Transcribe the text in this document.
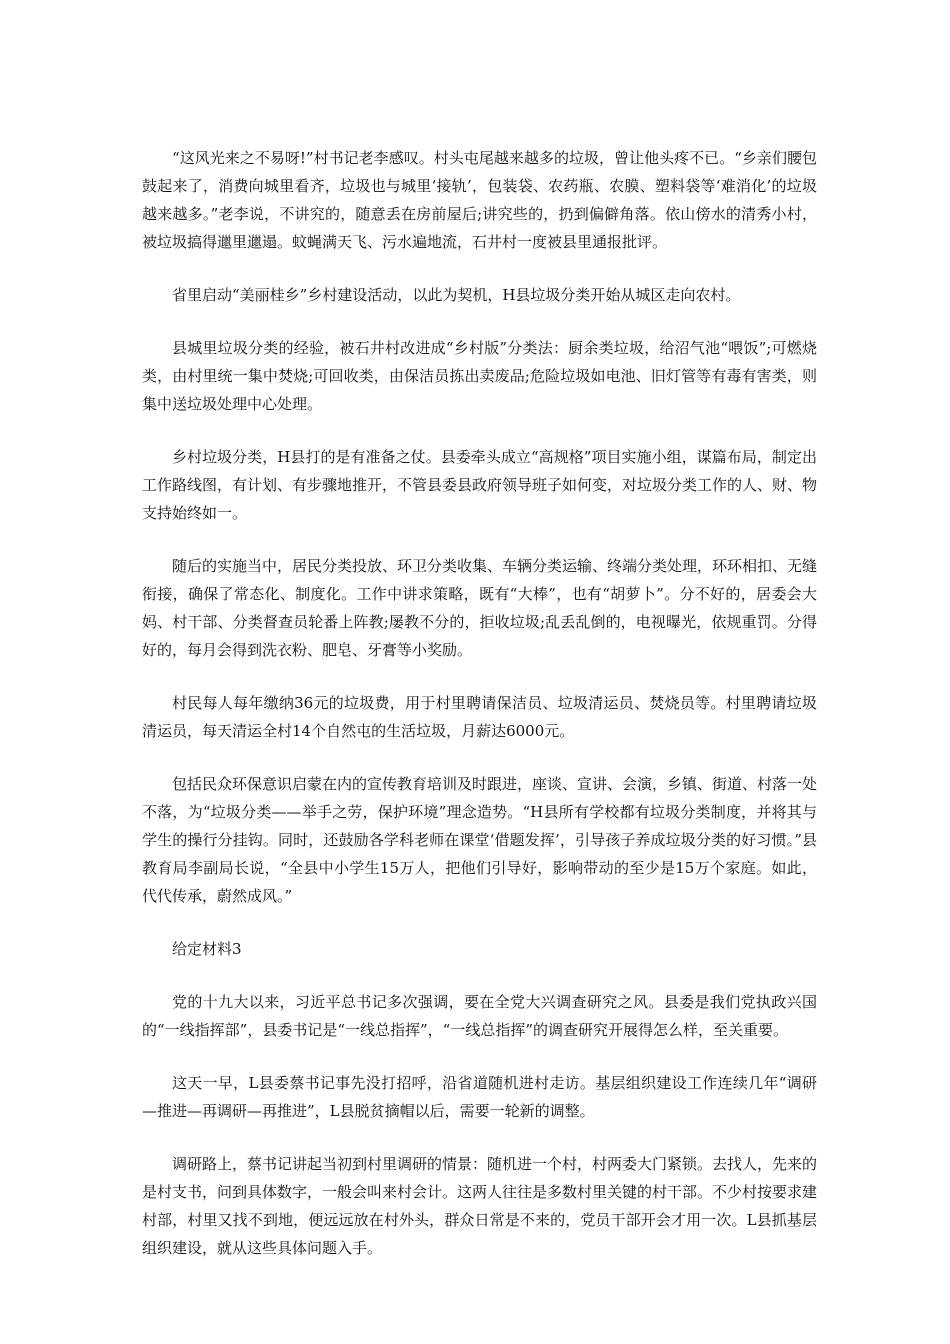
“这风光来之不易呀!”村书记老李感叹。村头屯尾越来越多的垃圾，曾让他头疼不已。“乡亲们腰包鼓起来了，消费向城里看齐，垃圾也与城里‘接轨’，包装袋、农药瓶、农膜、塑料袋等‘难消化’的垃圾越来越多。”老李说，不讲究的，随意丢在房前屋后;讲究些的，扔到偏僻角落。依山傍水的清秀小村，被垃圾搞得邋里邋遢。蚊蝇满天飞、污水遍地流，石井村一度被县里通报批评。

省里启动“美丽桂乡”乡村建设活动，以此为契机，H县垃圾分类开始从城区走向农村。

县城里垃圾分类的经验，被石井村改进成“乡村版”分类法：厨余类垃圾，给沼气池“喂饭”;可燃烧类，由村里统一集中焚烧;可回收类，由保洁员拣出卖废品;危险垃圾如电池、旧灯管等有毒有害类，则集中送垃圾处理中心处理。

乡村垃圾分类，H县打的是有准备之仗。县委牵头成立“高规格”项目实施小组，谋篇布局，制定出工作路线图，有计划、有步骤地推开，不管县委县政府领导班子如何变，对垃圾分类工作的人、财、物支持始终如一。

随后的实施当中，居民分类投放、环卫分类收集、车辆分类运输、终端分类处理，环环相扣、无缝衔接，确保了常态化、制度化。工作中讲求策略，既有“大棒”，也有“胡萝卜”。分不好的，居委会大妈、村干部、分类督查员轮番上阵教;屡教不分的，拒收垃圾;乱丢乱倒的，电视曝光，依规重罚。分得好的，每月会得到洗衣粉、肥皂、牙膏等小奖励。

村民每人每年缴纳36元的垃圾费，用于村里聘请保洁员、垃圾清运员、焚烧员等。村里聘请垃圾清运员，每天清运全村14个自然屯的生活垃圾，月薪达6000元。

包括民众环保意识启蒙在内的宣传教育培训及时跟进，座谈、宣讲、会演，乡镇、街道、村落一处不落，为“垃圾分类——举手之劳，保护环境”理念造势。“H县所有学校都有垃圾分类制度，并将其与学生的操行分挂钩。同时，还鼓励各学科老师在课堂‘借题发挥’，引导孩子养成垃圾分类的好习惯。”县教育局李副局长说，“全县中小学生15万人，把他们引导好，影响带动的至少是15万个家庭。如此，代代传承，蔚然成风。”

给定材料3

党的十九大以来，习近平总书记多次强调，要在全党大兴调查研究之风。县委是我们党执政兴国的“一线指挥部”，县委书记是“一线总指挥”，“一线总指挥”的调查研究开展得怎么样，至关重要。

这天一早，L县委蔡书记事先没打招呼，沿省道随机进村走访。基层组织建设工作连续几年“调研—推进—再调研—再推进”，L县脱贫摘帽以后，需要一轮新的调整。

调研路上，蔡书记讲起当初到村里调研的情景：随机进一个村，村两委大门紧锁。去找人，先来的是村支书，问到具体数字，一般会叫来村会计。这两人往往是多数村里关键的村干部。不少村按要求建村部，村里又找不到地，便远远放在村外头，群众日常是不来的，党员干部开会才用一次。L县抓基层组织建设，就从这些具体问题入手。
